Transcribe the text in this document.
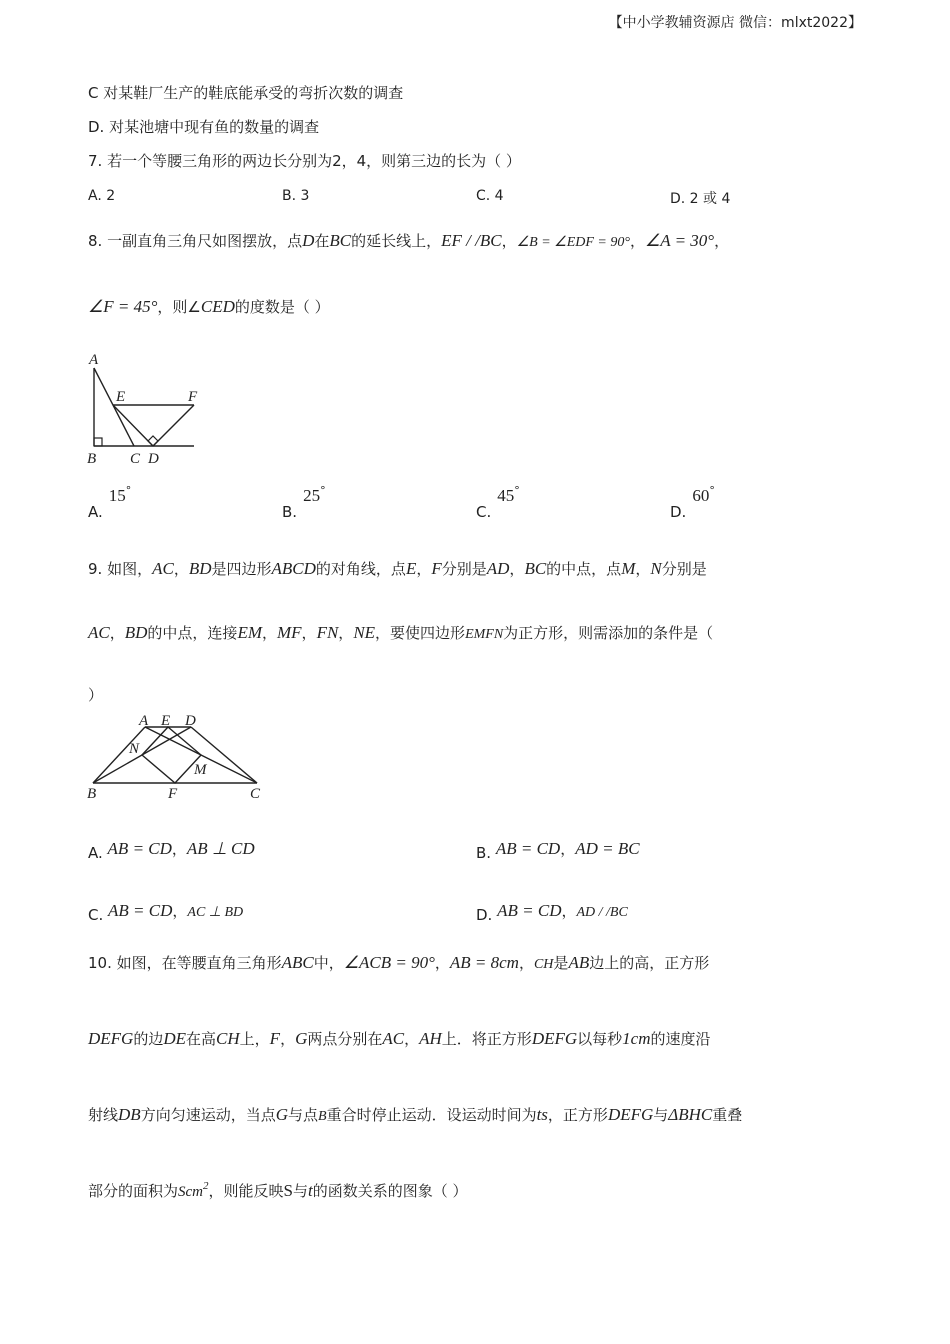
【中小学教辅资源店 微信：mlxt2022】
C 对某鞋厂生产的鞋底能承受的弯折次数的调查
D. 对某池塘中现有鱼的数量的调查
7. 若一个等腰三角形的两边长分别为2，4，则第三边的长为（ ）
A. 2	B. 3	C. 4	D. 2 或 4
8. 一副直角三角尺如图摆放，点D在BC的延长线上，EF / /BC，∠B = ∠EDF = 90°，∠A = 30°，
∠F = 45°，则∠CED的度数是（ ）
A
E	F
B C D
A.15°
B.25°
C.45°
D.60°
9. 如图，AC，BD是四边形ABCD的对角线，点E，F分别是AD，BC的中点，点M，N分别是
AC，BD的中点，连接EM，MF，FN，NE，要使四边形EMFN为正方形，则需添加的条件是（
）
A E D
N
M
B	F	C
A. AB = CD，AB ⊥ CD	B. AB = CD，AD = BC
C. AB = CD，AC ⊥ BD	D. AB = CD，AD / /BC
10. 如图，在等腰直角三角形ABC中，∠ACB = 90°，AB = 8cm，CH是AB边上的高，正方形
DEFG的边DE在高CH上，F，G两点分别在AC，AH上．将正方形DEFG以每秒1cm的速度沿
射线DB方向匀速运动，当点G与点B重合时停止运动．设运动时间为ts，正方形DEFG与ΔBHC重叠
部分的面积为Scm$^2$，则能反映S与t的函数关系的图象（ ）
